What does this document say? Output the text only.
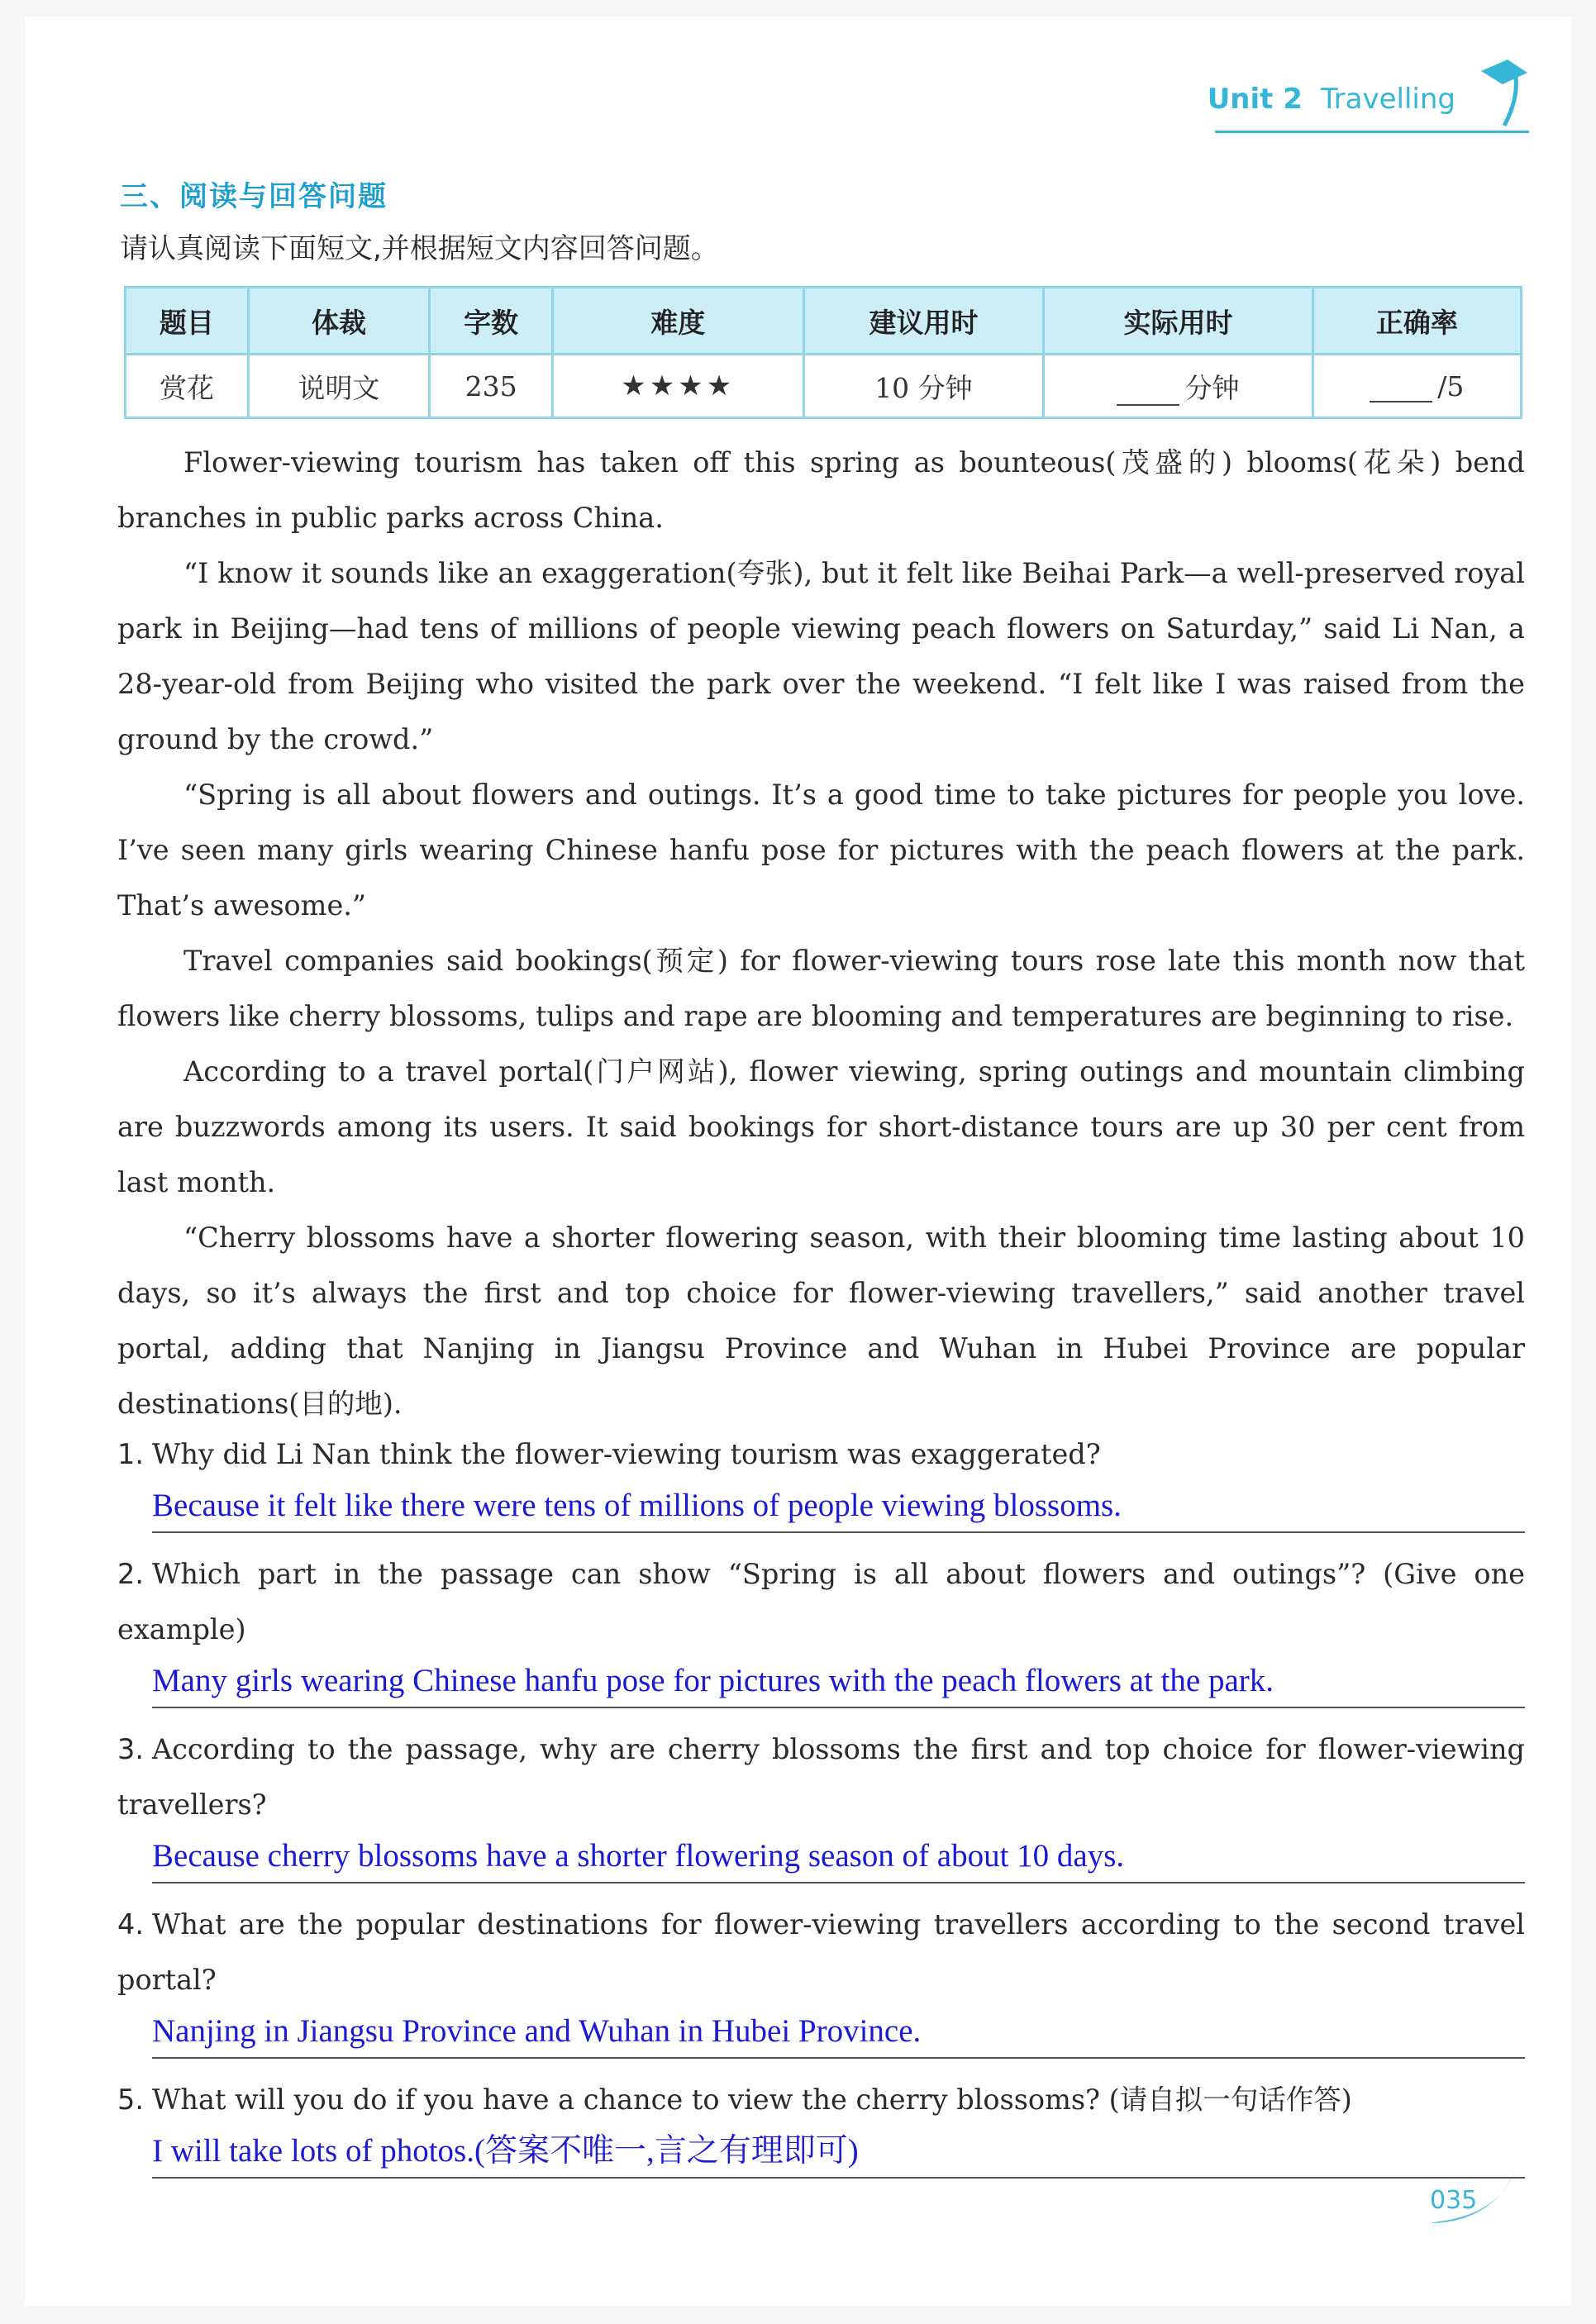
Unit 2 Travelling
三、阅读与回答问题
请认真阅读下面短文,并根据短文内容回答问题。
题目	体裁	字数	难度	建议用时	实际用时	正确率
赏花	说明文	235	★★★★	10 分钟	分钟	/5

Flower-viewing tourism has taken off this spring as bounteous(茂盛的) blooms(花朵) bend branches in public parks across China.

“I know it sounds like an exaggeration(夸张), but it felt like Beihai Park—a well-preserved royal park in Beijing—had tens of millions of people viewing peach flowers on Saturday,” said Li Nan, a 28-year-old from Beijing who visited the park over the weekend. “I felt like I was raised from the ground by the crowd.”

“Spring is all about flowers and outings. It’s a good time to take pictures for people you love. I’ve seen many girls wearing Chinese hanfu pose for pictures with the peach flowers at the park. That’s awesome.”

Travel companies said bookings(预定) for flower-viewing tours rose late this month now that flowers like cherry blossoms, tulips and rape are blooming and temperatures are beginning to rise.

According to a travel portal(门户网站), flower viewing, spring outings and mountain climbing are buzzwords among its users. It said bookings for short-distance tours are up 30 per cent from last month.

“Cherry blossoms have a shorter flowering season, with their blooming time lasting about 10 days, so it’s always the first and top choice for flower-viewing travellers,” said another travel portal, adding that Nanjing in Jiangsu Province and Wuhan in Hubei Province are popular destinations(目的地).

1. Why did Li Nan think the flower-viewing tourism was exaggerated?

Because it felt like there were tens of millions of people viewing blossoms.

2. Which part in the passage can show “Spring is all about flowers and outings”? (Give one example)

Many girls wearing Chinese hanfu pose for pictures with the peach flowers at the park.

3. According to the passage, why are cherry blossoms the first and top choice for flower-viewing travellers?

Because cherry blossoms have a shorter flowering season of about 10 days.

4. What are the popular destinations for flower-viewing travellers according to the second travel portal?

Nanjing in Jiangsu Province and Wuhan in Hubei Province.

5. What will you do if you have a chance to view the cherry blossoms? (请自拟一句话作答)

I will take lots of photos.(答案不唯一,言之有理即可)
035
